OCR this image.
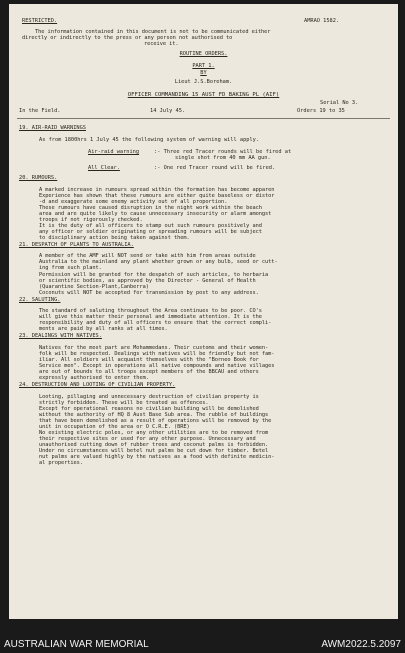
RESTRICTED.	AMRAO 1582.
The information contained in this document is not to be communicated either
directly or indirectly to the press or any person not authorised to
receive it.
ROUTINE ORDERS.
PART 1.
BY
Lieut J.S.Boreham.
OFFICER COMMANDING 15 AUST FD BAKING PL (AIF)
Serial No 3.
In the Field.	14 July 45.	Orders 19 to 35
19. AIR-RAID WARNINGS
As from 1800hrs 1 July 45 the following system of warning will apply.
Air-raid warning	:- Three red Tracer rounds will be fired at
single shot from 40 mm AA gun.
All Clear.	:- One red Tracer round will be fired.
20. RUMOURS.
A marked increase in rumours spread within the formation has become apparen
Experience has shown that these rumours are either quite baseless or distor
-d and exaggerate some enemy activity out of all proportion.
These rumours have caused disruption in the night work within the beach
area and are quite likely to cause unnecessary insecurity or alarm amongst
troops if not rigorously checked.
It is the duty of all officers to stamp out such rumours positively and
any officer or soldier originating or spreading rumours will be subject
to disciplinary action being taken against them.
21. DESPATCH OF PLANTS TO AUSTRALIA.
A member of the AMF will NOT send or take with him from areas outside
Australia to the mainland any plant whether grown or any bulb, seed or cutt-
ing from such plant.
Permission will be granted for the despatch of such articles, to herbaria
or scientific bodies, as approved by the Director - General of Health
(Quarantine Section-Plant,Canberra)
Coconuts will NOT be accepted for transmission by post to any address.
22. SALUTING.
The standard of saluting throughout the Area continues to be poor. CO's
will give this matter their personal and immediate attention. It is the
responsibility and duty of all officers to ensure that the correct compli-
ments are paid by all ranks at all times.
23. DEALINGS WITH NATIVES.
Natives for the most part are Mohammedans. Their customs and their women-
folk will be respected. Dealings with natives will be friendly but not fam-
iliar. All soldiers will acquaint themselves with the "Borneo Book for
Service men". Except in operations all native compounds and native villages
are out of bounds to all troops except members of the BBCAU and others
expressly authorised to enter them.
24. DESTRUCTION AND LOOTING OF CIVILIAN PROPERTY.
Looting, pillaging and unnecessary destruction of civilian property is
strictly forbidden. These will be treated as offences.
Except for operational reasons no civilian building will be demolished
without the authority of HQ 8 Aust Base Sub area. The rubble of buildings
that have been demolished as a result of operations will be removed by the
unit in occupation of the area or O C.R.E. (BRE)
No existing electric poles, or any other utilities are to be removed from
their respective sites or used for any other purpose. Unnecessary and
unauthorised cutting down of rubber trees and coconut palms is forbidden.
Under no circumstances will betel nut palms be cut down for timber. Betel
nut palms are valued highly by the natives as a food with definite medicin-
al properties.
AUSTRALIAN WAR MEMORIAL	AWM2022.5.2097
